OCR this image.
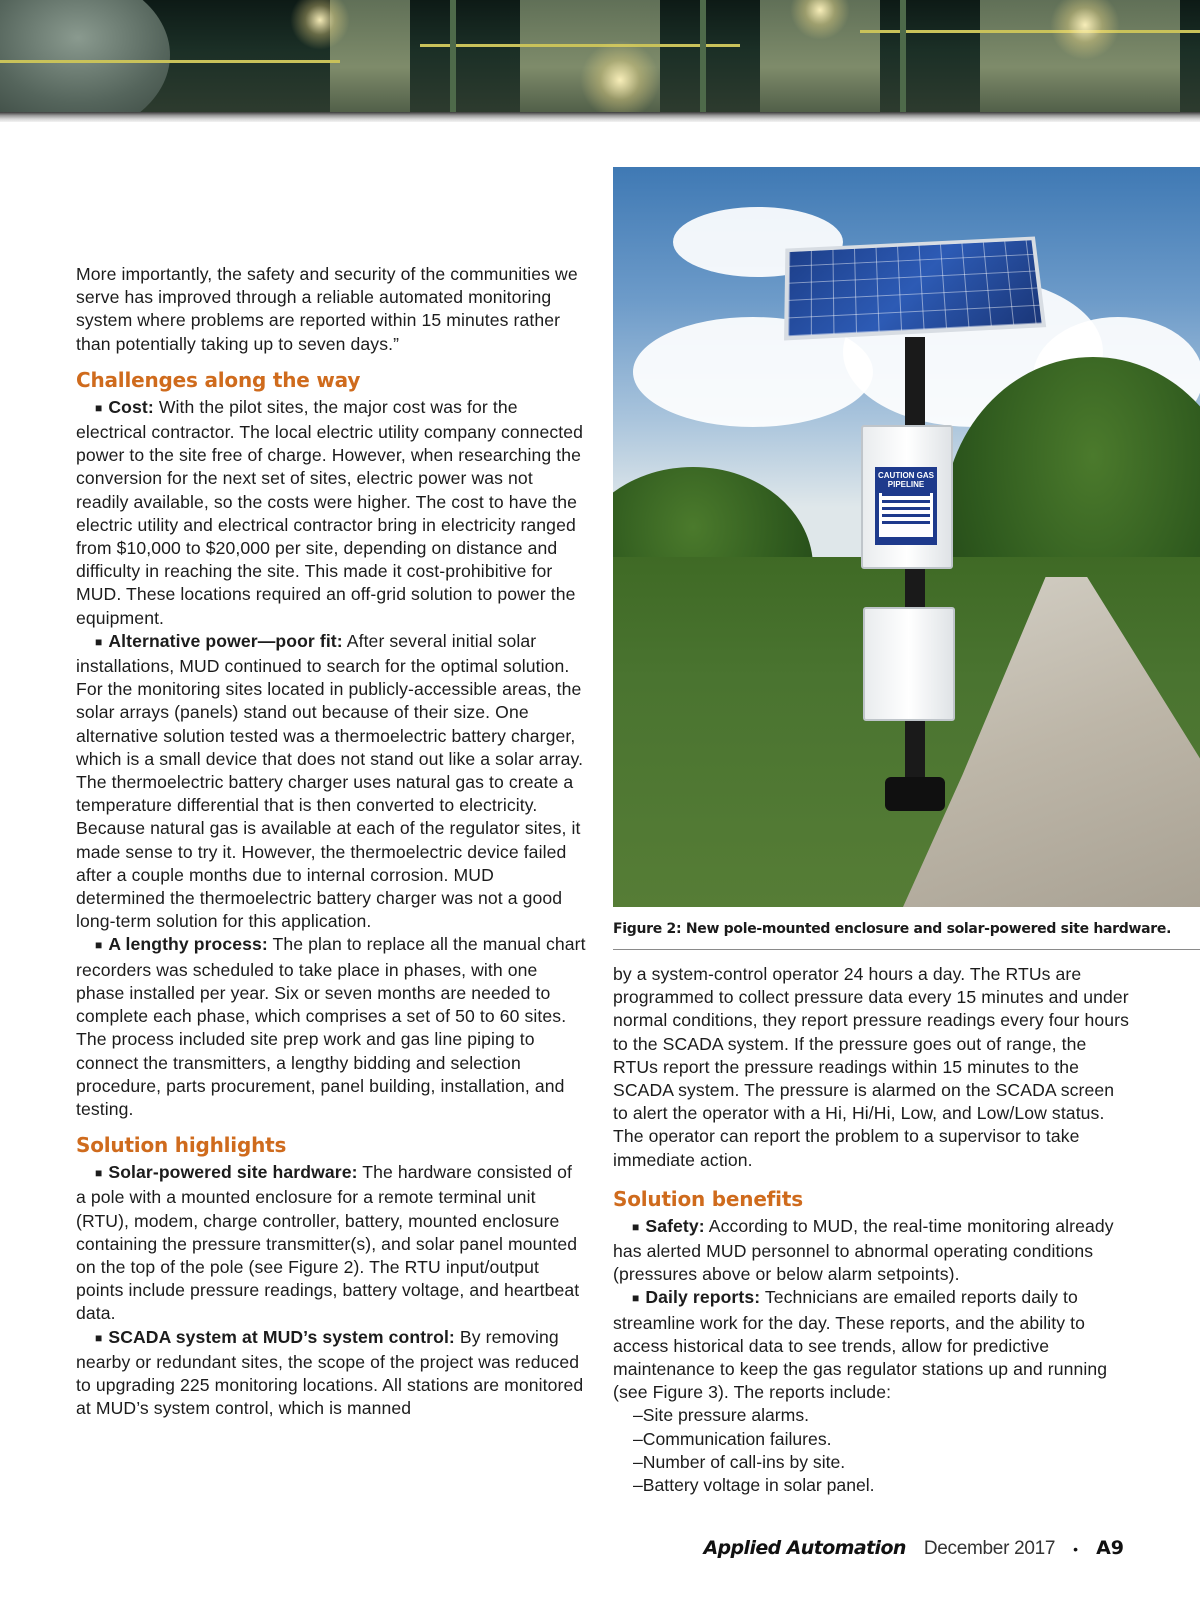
CAUTION GAS PIPELINE

Figure 2: New pole-mounted enclosure and solar-powered site hardware.

More importantly, the safety and security of the communities we serve has improved through a reliable automated monitoring system where problems are reported within 15 minutes rather than potentially taking up to seven days.”

Challenges along the way

■ Cost: With the pilot sites, the major cost was for the electrical contractor. The local electric utility company connected power to the site free of charge. However, when researching the conversion for the next set of sites, electric power was not readily available, so the costs were higher. The cost to have the electric utility and electrical contractor bring in electricity ranged from $10,000 to $20,000 per site, depending on distance and difficulty in reaching the site. This made it cost-prohibitive for MUD. These locations required an off-grid solution to power the equipment.

■ Alternative power—poor fit: After several initial solar installations, MUD continued to search for the optimal solution. For the monitoring sites located in publicly-accessible areas, the solar arrays (panels) stand out because of their size. One alternative solution tested was a thermoelectric battery charger, which is a small device that does not stand out like a solar array. The thermoelectric battery charger uses natural gas to create a temperature differential that is then converted to electricity. Because natural gas is available at each of the regulator sites, it made sense to try it. However, the thermoelectric device failed after a couple months due to internal corrosion. MUD determined the thermoelectric battery charger was not a good long-term solution for this application.

■ A lengthy process: The plan to replace all the manual chart recorders was scheduled to take place in phases, with one phase installed per year. Six or seven months are needed to complete each phase, which comprises a set of 50 to 60 sites. The process included site prep work and gas line piping to connect the transmitters, a lengthy bidding and selection procedure, parts procurement, panel building, installation, and testing.

Solution highlights

■ Solar-powered site hardware: The hardware consisted of a pole with a mounted enclosure for a remote terminal unit (RTU), modem, charge controller, battery, mounted enclosure containing the pressure transmitter(s), and solar panel mounted on the top of the pole (see Figure 2). The RTU input/output points include pressure readings, battery voltage, and heartbeat data.

■ SCADA system at MUD’s system control: By removing nearby or redundant sites, the scope of the project was reduced to upgrading 225 monitoring locations. All stations are monitored at MUD’s system control, which is manned

by a system-control operator 24 hours a day. The RTUs are programmed to collect pressure data every 15 minutes and under normal conditions, they report pressure readings every four hours to the SCADA system. If the pressure goes out of range, the RTUs report the pressure readings within 15 minutes to the SCADA system. The pressure is alarmed on the SCADA screen to alert the operator with a Hi, Hi/Hi, Low, and Low/Low status. The operator can report the problem to a supervisor to take immediate action.

Solution benefits

■ Safety: According to MUD, the real-time monitoring already has alerted MUD personnel to abnormal operating conditions (pressures above or below alarm setpoints).

■ Daily reports: Technicians are emailed reports daily to streamline work for the day. These reports, and the ability to access historical data to see trends, allow for predictive maintenance to keep the gas regulator stations up and running (see Figure 3). The reports include:

–Site pressure alarms.

–Communication failures.

–Number of call-ins by site.

–Battery voltage in solar panel.

Applied Automation December 2017 • A9
